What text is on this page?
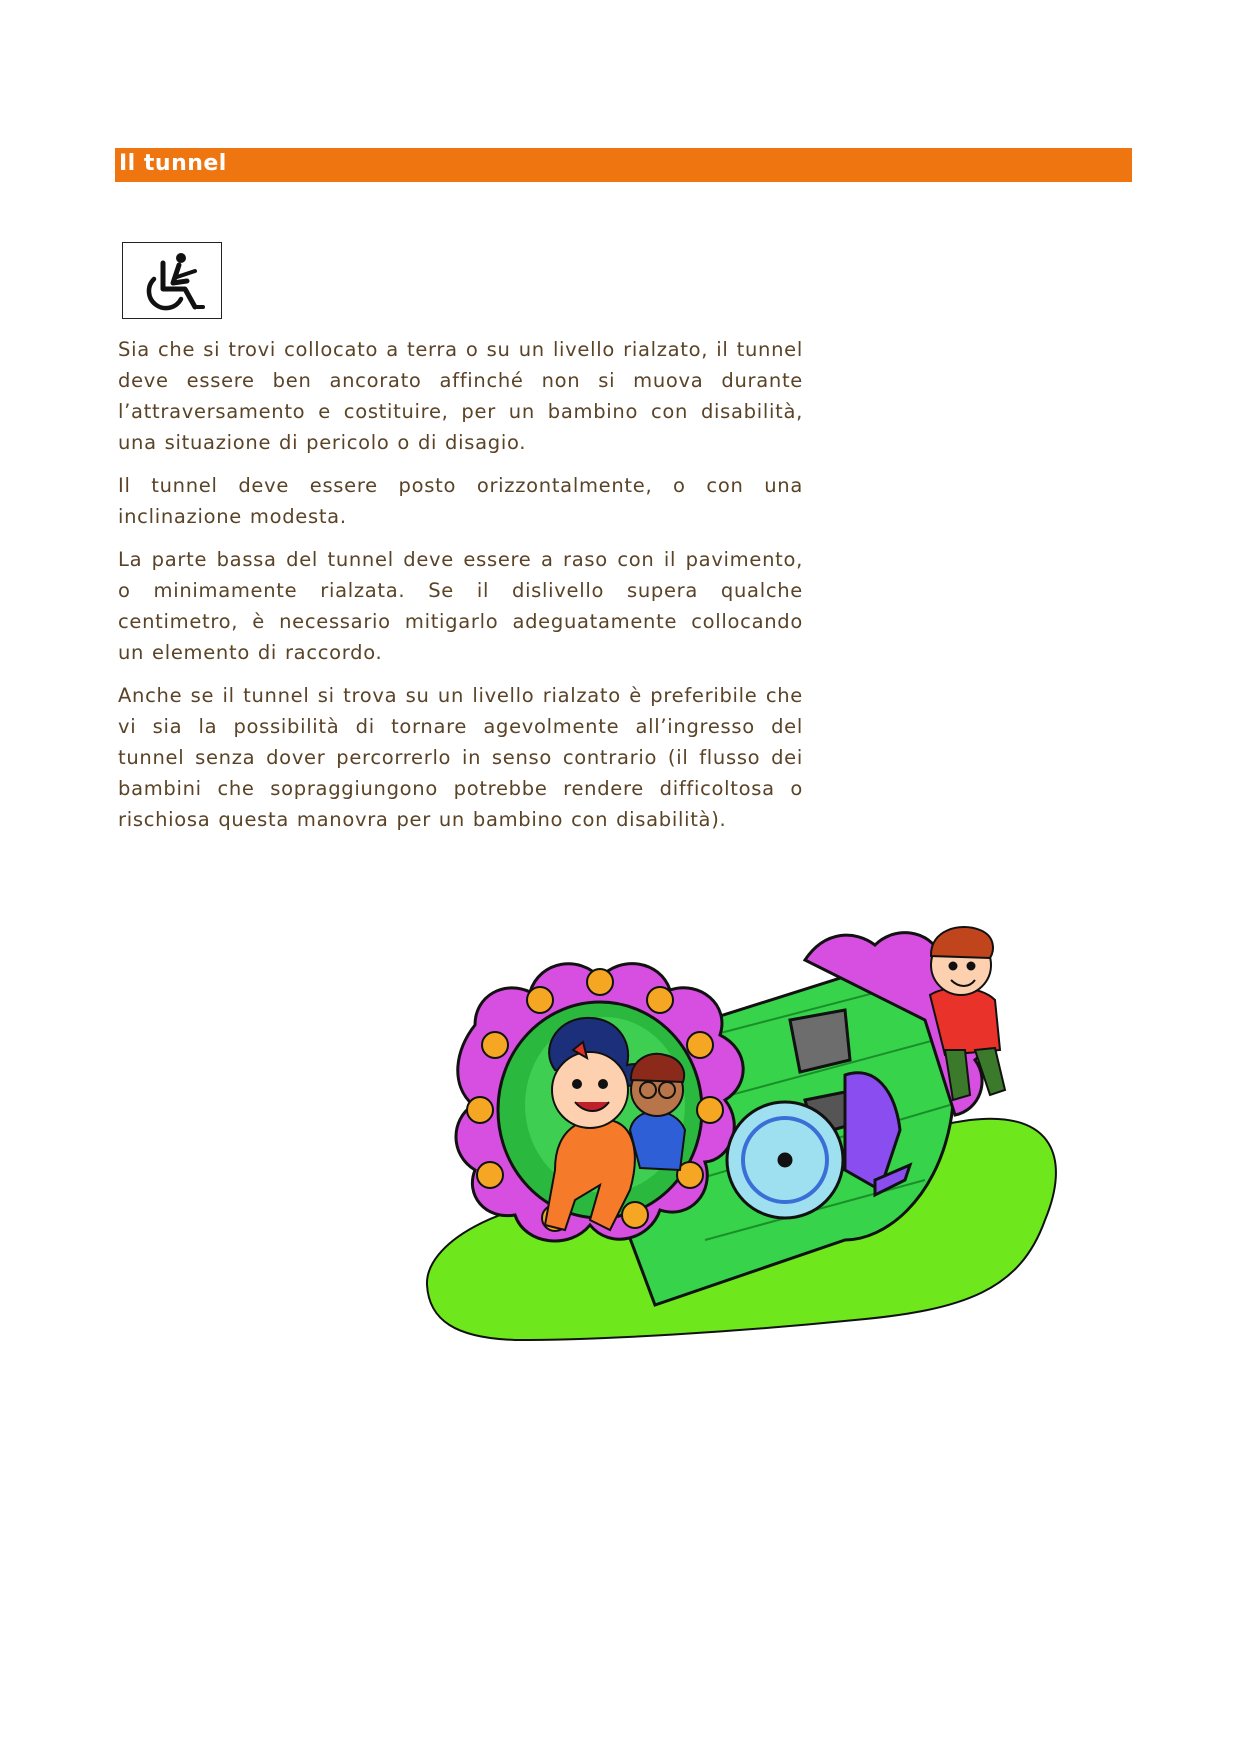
Il tunnel

Sia che si trovi collocato a terra o su un livello rialzato, il tunnel deve essere ben ancorato affinché non si muova durante l’attraversamento e costituire, per un bambino con disabilità, una situazione di pericolo o di disagio.

Il tunnel deve essere posto orizzontalmente, o con una inclinazione modesta.

La parte bassa del tunnel deve essere a raso con il pavimento, o minimamente rialzata. Se il dislivello supera qualche centimetro, è necessario mitigarlo adeguatamente collocando un elemento di raccordo.

Anche se il tunnel si trova su un livello rialzato è preferibile che vi sia la possibilità di tornare agevolmente all’ingresso del tunnel senza dover percorrerlo in senso contrario (il flusso dei bambini che sopraggiungono potrebbe rendere difficoltosa o rischiosa questa manovra per un bambino con disabilità).
